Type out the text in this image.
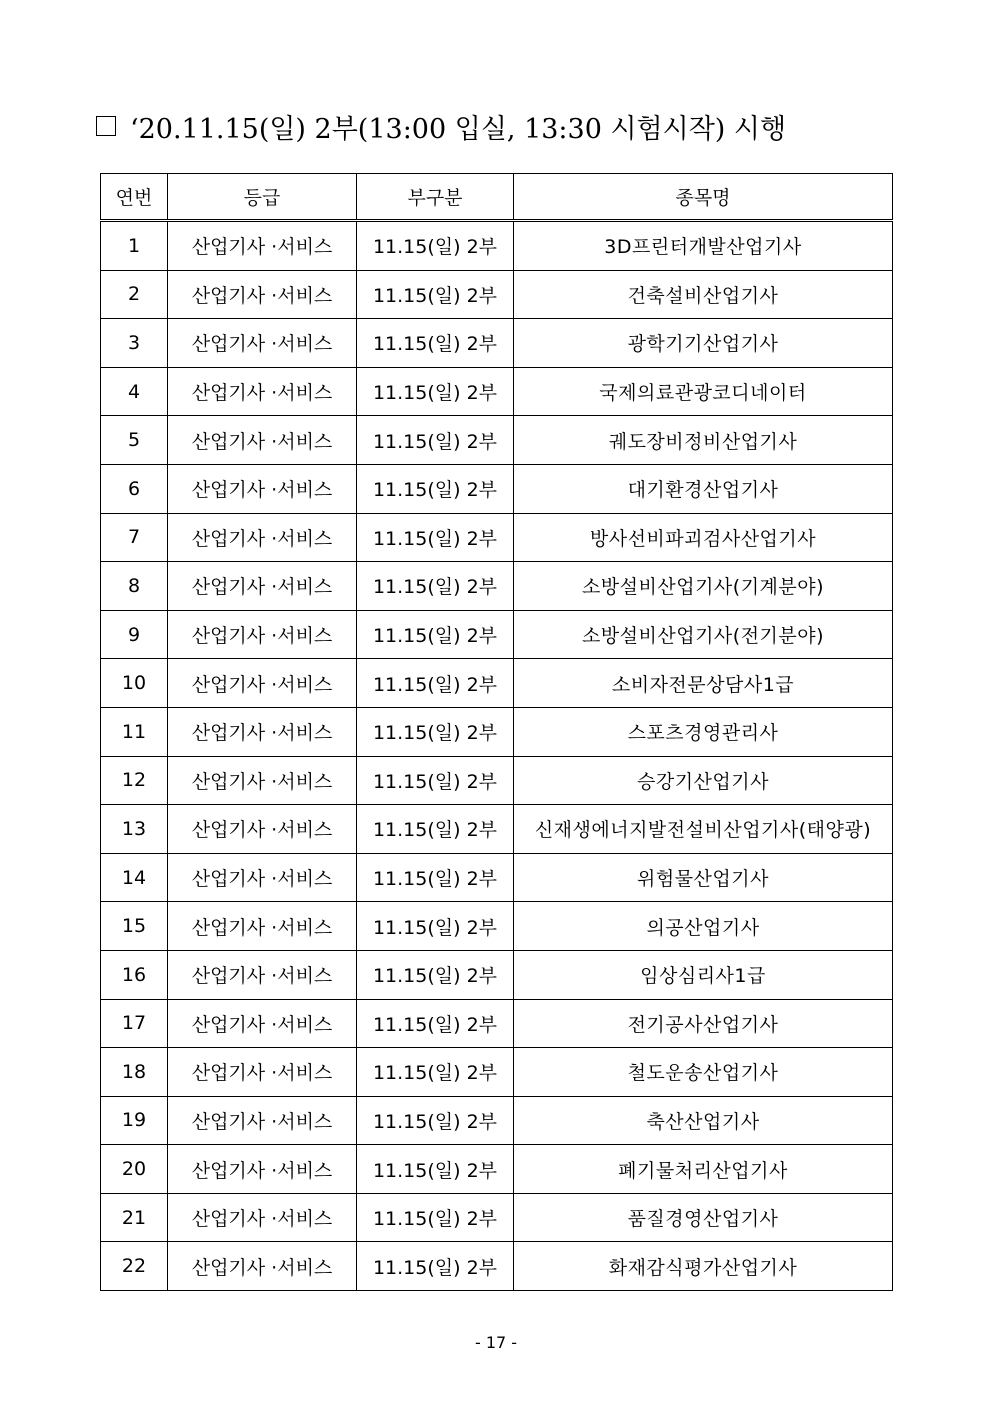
‘20.11.15(일) 2부(13:00 입실, 13:30 시험시작) 시행
연번	등급	부구분	종목명
1	산업기사 ·서비스	11.15(일) 2부	3D프린터개발산업기사
2	산업기사 ·서비스	11.15(일) 2부	건축설비산업기사
3	산업기사 ·서비스	11.15(일) 2부	광학기기산업기사
4	산업기사 ·서비스	11.15(일) 2부	국제의료관광코디네이터
5	산업기사 ·서비스	11.15(일) 2부	궤도장비정비산업기사
6	산업기사 ·서비스	11.15(일) 2부	대기환경산업기사
7	산업기사 ·서비스	11.15(일) 2부	방사선비파괴검사산업기사
8	산업기사 ·서비스	11.15(일) 2부	소방설비산업기사(기계분야)
9	산업기사 ·서비스	11.15(일) 2부	소방설비산업기사(전기분야)
10	산업기사 ·서비스	11.15(일) 2부	소비자전문상담사1급
11	산업기사 ·서비스	11.15(일) 2부	스포츠경영관리사
12	산업기사 ·서비스	11.15(일) 2부	승강기산업기사
13	산업기사 ·서비스	11.15(일) 2부	신재생에너지발전설비산업기사(태양광)
14	산업기사 ·서비스	11.15(일) 2부	위험물산업기사
15	산업기사 ·서비스	11.15(일) 2부	의공산업기사
16	산업기사 ·서비스	11.15(일) 2부	임상심리사1급
17	산업기사 ·서비스	11.15(일) 2부	전기공사산업기사
18	산업기사 ·서비스	11.15(일) 2부	철도운송산업기사
19	산업기사 ·서비스	11.15(일) 2부	축산산업기사
20	산업기사 ·서비스	11.15(일) 2부	폐기물처리산업기사
21	산업기사 ·서비스	11.15(일) 2부	품질경영산업기사
22	산업기사 ·서비스	11.15(일) 2부	화재감식평가산업기사
- 17 -
